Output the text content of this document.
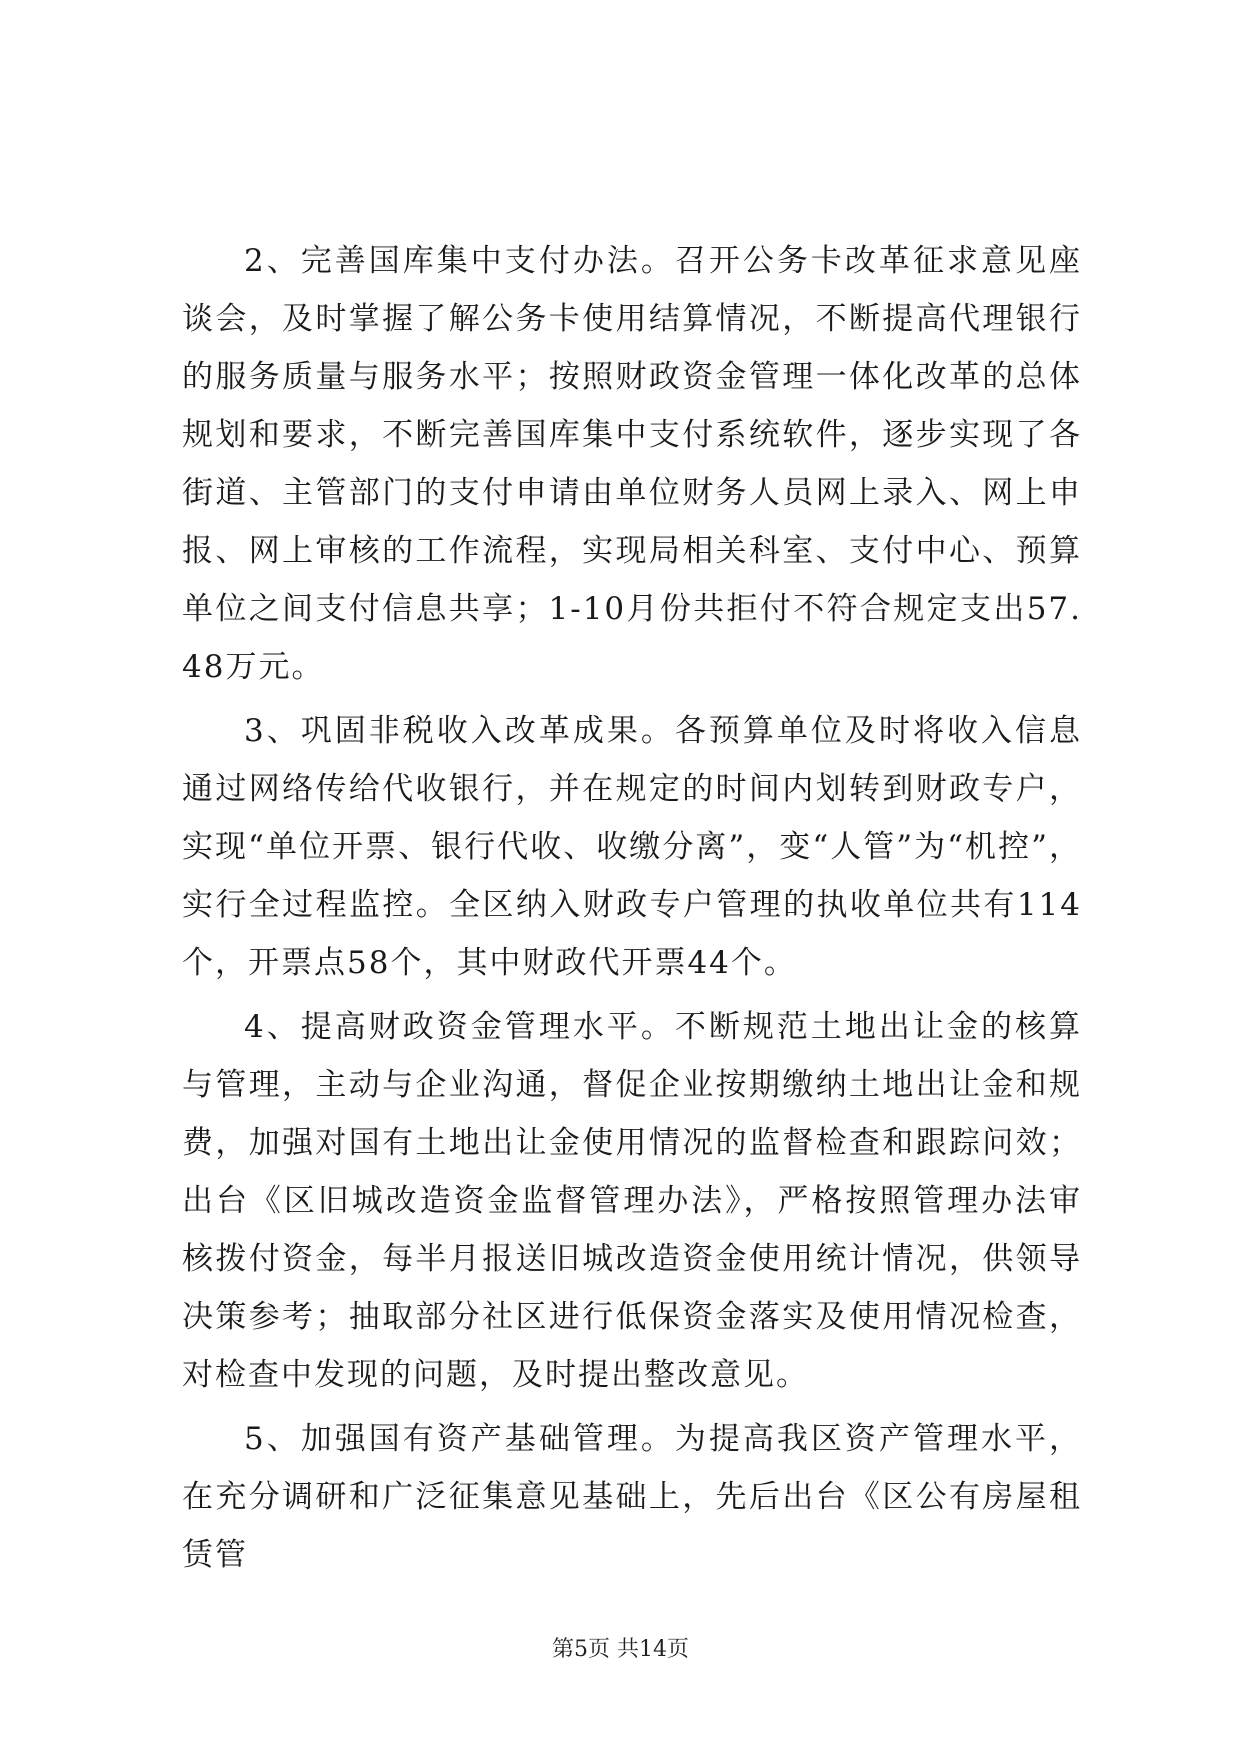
2、完善国库集中支付办法。召开公务卡改革征求意见座谈会，及时掌握了解公务卡使用结算情况，不断提高代理银行的服务质量与服务水平；按照财政资金管理一体化改革的总体规划和要求，不断完善国库集中支付系统软件，逐步实现了各街道、主管部门的支付申请由单位财务人员网上录入、网上申报、网上审核的工作流程，实现局相关科室、支付中心、预算单位之间支付信息共享；1-10月份共拒付不符合规定支出57.48万元。

3、巩固非税收入改革成果。各预算单位及时将收入信息通过网络传给代收银行，并在规定的时间内划转到财政专户，实现“单位开票、银行代收、收缴分离”，变“人管”为“机控”，实行全过程监控。全区纳入财政专户管理的执收单位共有114个，开票点58个，其中财政代开票44个。

4、提高财政资金管理水平。不断规范土地出让金的核算与管理，主动与企业沟通，督促企业按期缴纳土地出让金和规费，加强对国有土地出让金使用情况的监督检查和跟踪问效；出台《区旧城改造资金监督管理办法》，严格按照管理办法审核拨付资金，每半月报送旧城改造资金使用统计情况，供领导决策参考；抽取部分社区进行低保资金落实及使用情况检查，对检查中发现的问题，及时提出整改意见。

5、加强国有资产基础管理。为提高我区资产管理水平，在充分调研和广泛征集意见基础上，先后出台《区公有房屋租赁管

第5页 共14页
